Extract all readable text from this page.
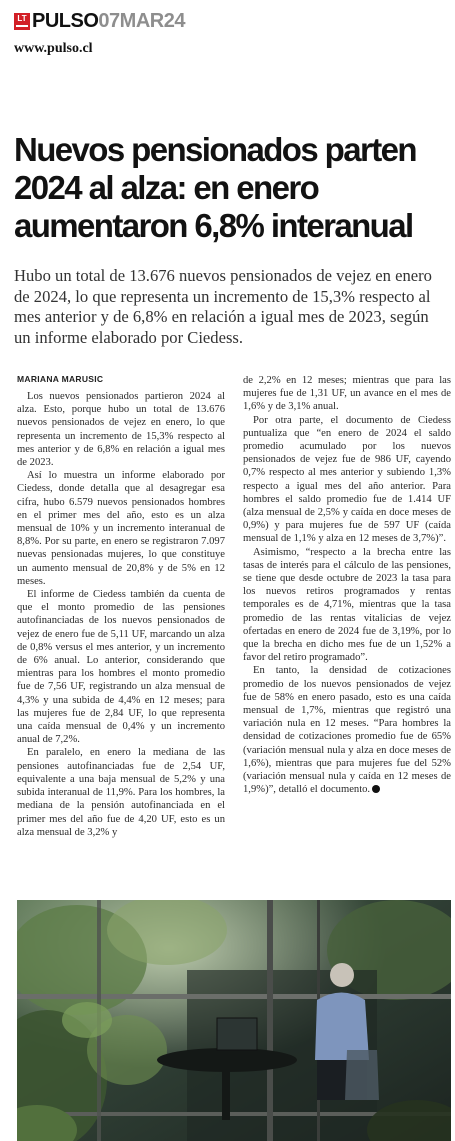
LT PULSO 07MAR24
www.pulso.cl
Nuevos pensionados parten 2024 al alza: en enero aumentaron 6,8% interanual

Hubo un total de 13.676 nuevos pensionados de vejez en enero de 2024, lo que representa un incremento de 15,3% respecto al mes anterior y de 6,8% en relación a igual mes de 2023, según un informe elaborado por Ciedess.

MARIANA MARUSIC

Los nuevos pensionados partieron 2024 al alza. Esto, porque hubo un total de 13.676 nuevos pensionados de vejez en enero, lo que representa un incremento de 15,3% respecto al mes anterior y de 6,8% en relación a igual mes de 2023.

Así lo muestra un informe elaborado por Ciedess, donde detalla que al desagregar esa cifra, hubo 6.579 nuevos pensionados hombres en el primer mes del año, esto es un alza mensual de 10% y un incremento interanual de 8,8%. Por su parte, en enero se registraron 7.097 nuevas pensionadas mujeres, lo que constituye un aumento mensual de 20,8% y de 5% en 12 meses.

El informe de Ciedess también da cuenta de que el monto promedio de las pensiones autofinanciadas de los nuevos pensionados de vejez de enero fue de 5,11 UF, marcando un alza de 0,8% versus el mes anterior, y un incremento de 6% anual. Lo anterior, considerando que mientras para los hombres el monto promedio fue de 7,56 UF, registrando un alza mensual de 4,3% y una subida de 4,4% en 12 meses; para las mujeres fue de 2,84 UF, lo que representa una caída mensual de 0,4% y un incremento anual de 7,2%.

En paralelo, en enero la mediana de las pensiones autofinanciadas fue de 2,54 UF, equivalente a una baja mensual de 5,2% y una subida interanual de 11,9%. Para los hombres, la mediana de la pensión autofinanciada en el primer mes del año fue de 4,20 UF, esto es un alza mensual de 3,2% y

de 2,2% en 12 meses; mientras que para las mujeres fue de 1,31 UF, un avance en el mes de 1,6% y de 3,1% anual.

Por otra parte, el documento de Ciedess puntualiza que “en enero de 2024 el saldo promedio acumulado por los nuevos pensionados de vejez fue de 986 UF, cayendo 0,7% respecto al mes anterior y subiendo 1,3% respecto a igual mes del año anterior. Para hombres el saldo promedio fue de 1.414 UF (alza mensual de 2,5% y caída en doce meses de 0,9%) y para mujeres fue de 597 UF (caída mensual de 1,1% y alza en 12 meses de 3,7%)”.

Asimismo, “respecto a la brecha entre las tasas de interés para el cálculo de las pensiones, se tiene que desde octubre de 2023 la tasa para los nuevos retiros programados y rentas temporales es de 4,71%, mientras que la tasa promedio de las rentas vitalicias de vejez ofertadas en enero de 2024 fue de 3,19%, por lo que la brecha en dicho mes fue de un 1,52% a favor del retiro programado”.

En tanto, la densidad de cotizaciones promedio de los nuevos pensionados de vejez fue de 58% en enero pasado, esto es una caída mensual de 1,7%, mientras que registró una variación nula en 12 meses. “Para hombres la densidad de cotizaciones promedio fue de 65% (variación mensual nula y alza en doce meses de 1,6%), mientras que para mujeres fue del 52% (variación mensual nula y caída en 12 meses de 1,9%)”, detalló el documento.
